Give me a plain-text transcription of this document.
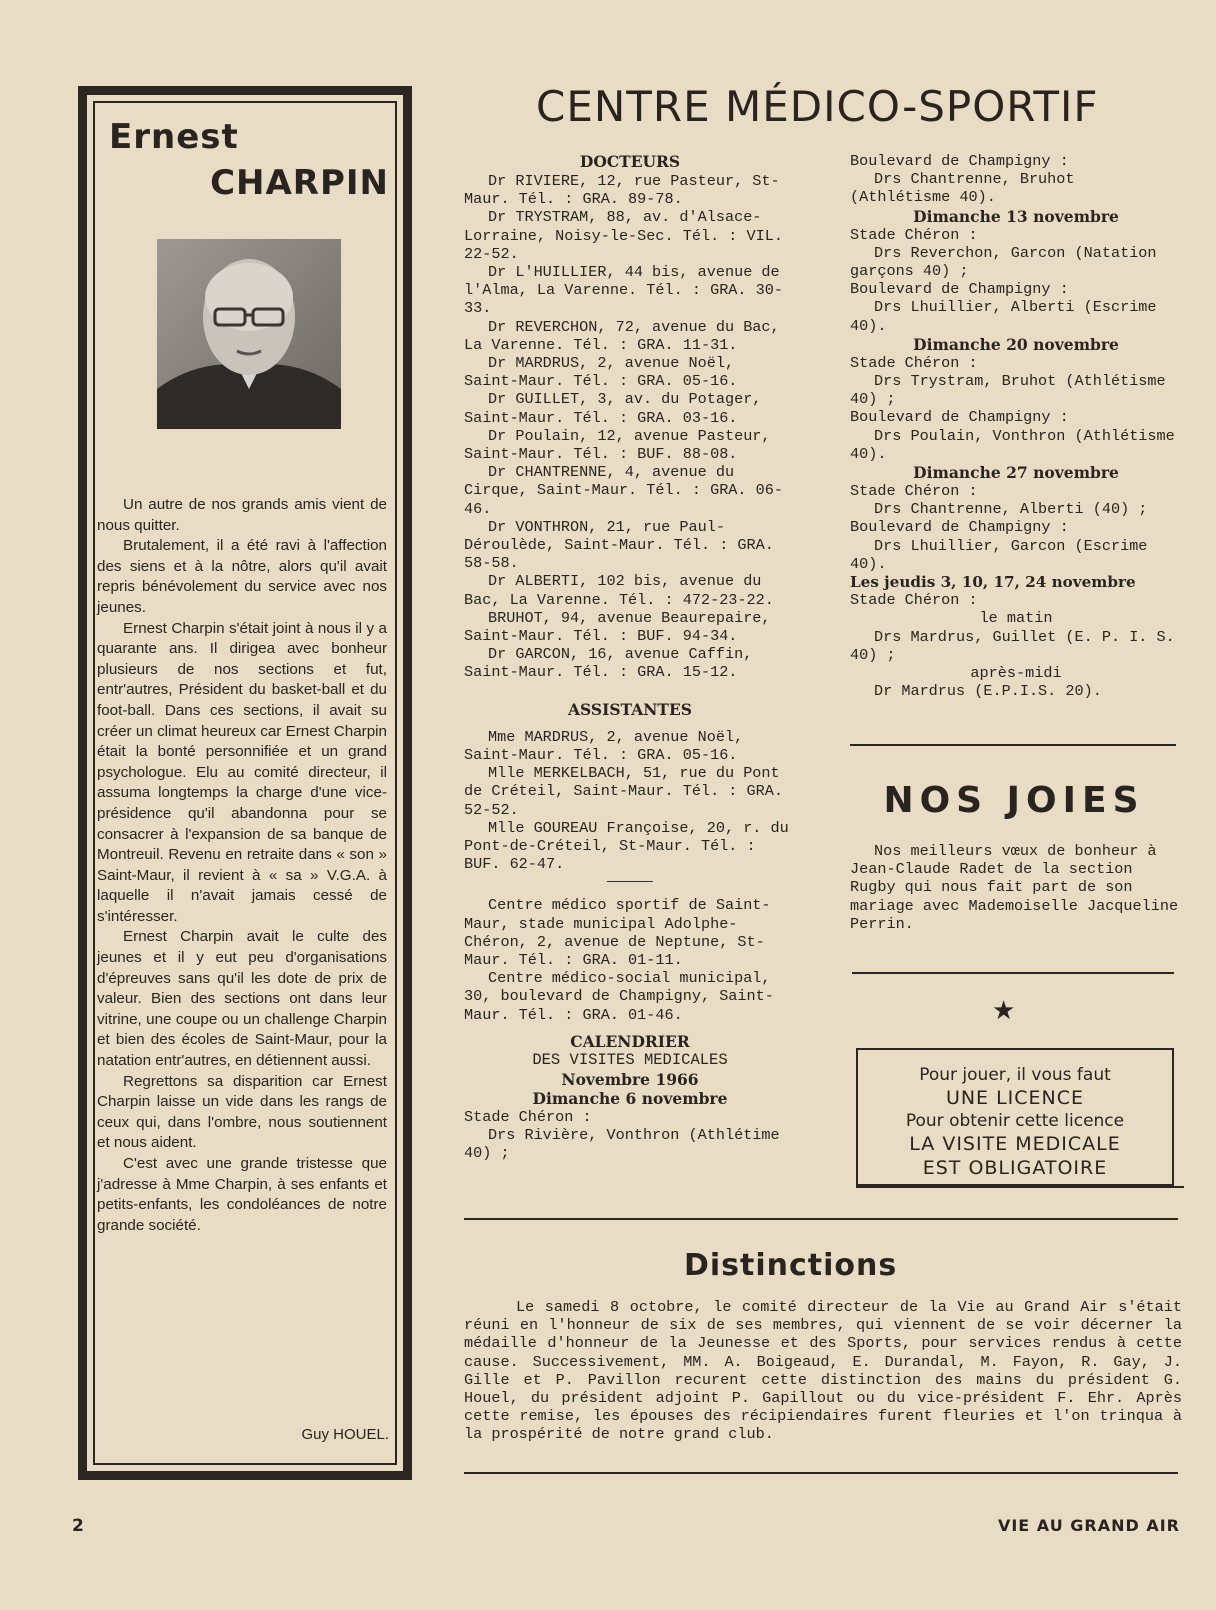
Ernest
CHARPIN

Un autre de nos grands amis vient de nous quitter.

Brutalement, il a été ravi à l'affection des siens et à la nôtre, alors qu'il avait repris bénévolement du service avec nos jeunes.

Ernest Charpin s'était joint à nous il y a quarante ans. Il dirigea avec bonheur plusieurs de nos sections et fut, entr'autres, Président du basket-ball et du foot-ball. Dans ces sections, il avait su créer un climat heureux car Ernest Charpin était la bonté personnifiée et un grand psychologue. Elu au comité directeur, il assuma longtemps la charge d'une vice-présidence qu'il abandonna pour se consacrer à l'expansion de sa banque de Montreuil. Revenu en retraite dans « son » Saint-Maur, il revient à « sa » V.G.A. à laquelle il n'avait jamais cessé de s'intéresser.

Ernest Charpin avait le culte des jeunes et il y eut peu d'organisations d'épreuves sans qu'il les dote de prix de valeur. Bien des sections ont dans leur vitrine, une coupe ou un challenge Charpin et bien des écoles de Saint-Maur, pour la natation entr'autres, en détiennent aussi.

Regrettons sa disparition car Ernest Charpin laisse un vide dans les rangs de ceux qui, dans l'ombre, nous soutiennent et nous aident.

C'est avec une grande tristesse que j'adresse à Mme Charpin, à ses enfants et petits-enfants, les condoléances de notre grande société.

Guy HOUEL.
CENTRE MÉDICO-SPORTIF

DOCTEURS

Dr RIVIERE, 12, rue Pasteur, St-Maur. Tél. : GRA. 89-78.

Dr TRYSTRAM, 88, av. d'Alsace-Lorraine, Noisy-le-Sec. Tél. : VIL. 22-52.

Dr L'HUILLIER, 44 bis, avenue de l'Alma, La Varenne. Tél. : GRA. 30-33.

Dr REVERCHON, 72, avenue du Bac, La Varenne. Tél. : GRA. 11-31.

Dr MARDRUS, 2, avenue Noël, Saint-Maur. Tél. : GRA. 05-16.

Dr GUILLET, 3, av. du Potager, Saint-Maur. Tél. : GRA. 03-16.

Dr Poulain, 12, avenue Pasteur, Saint-Maur. Tél. : BUF. 88-08.

Dr CHANTRENNE, 4, avenue du Cirque, Saint-Maur. Tél. : GRA. 06-46.

Dr VONTHRON, 21, rue Paul-Déroulède, Saint-Maur. Tél. : GRA. 58-58.

Dr ALBERTI, 102 bis, avenue du Bac, La Varenne. Tél. : 472-23-22.

BRUHOT, 94, avenue Beaurepaire, Saint-Maur. Tél. : BUF. 94-34.

Dr GARCON, 16, avenue Caffin, Saint-Maur. Tél. : GRA. 15-12.

ASSISTANTES

Mme MARDRUS, 2, avenue Noël, Saint-Maur. Tél. : GRA. 05-16.

Mlle MERKELBACH, 51, rue du Pont de Créteil, Saint-Maur. Tél. : GRA. 52-52.

Mlle GOUREAU Françoise, 20, r. du Pont-de-Créteil, St-Maur. Tél. : BUF. 62-47.

Centre médico sportif de Saint-Maur, stade municipal Adolphe-Chéron, 2, avenue de Neptune, St-Maur. Tél. : GRA. 01-11.

Centre médico-social municipal, 30, boulevard de Champigny, Saint-Maur. Tél. : GRA. 01-46.

CALENDRIER

DES VISITES MEDICALES

Novembre 1966

Dimanche 6 novembre

Stade Chéron :

Drs Rivière, Vonthron (Athlétime 40) ;

Boulevard de Champigny :

Drs Chantrenne, Bruhot (Athlétisme 40).

Dimanche 13 novembre

Stade Chéron :

Drs Reverchon, Garcon (Natation garçons 40) ;

Boulevard de Champigny :

Drs Lhuillier, Alberti (Escrime 40).

Dimanche 20 novembre

Stade Chéron :

Drs Trystram, Bruhot (Athlétisme 40) ;

Boulevard de Champigny :

Drs Poulain, Vonthron (Athlétisme 40).

Dimanche 27 novembre

Stade Chéron :

Drs Chantrenne, Alberti (40) ;

Boulevard de Champigny :

Drs Lhuillier, Garcon (Escrime 40).

Les jeudis 3, 10, 17, 24 novembre

Stade Chéron :

le matin

Drs Mardrus, Guillet (E. P. I. S. 40) ;

après-midi

Dr Mardrus (E.P.I.S. 20).

NOS JOIES
Nos meilleurs vœux de bonheur à Jean-Claude Radet de la section Rugby qui nous fait part de son mariage avec Mademoiselle Jacqueline Perrin.
★
Pour jouer, il vous faut
UNE LICENCE
Pour obtenir cette licence
LA VISITE MEDICALE
EST OBLIGATOIRE
Distinctions
Le samedi 8 octobre, le comité directeur de la Vie au Grand Air s'était réuni en l'honneur de six de ses membres, qui viennent de se voir décerner la médaille d'honneur de la Jeunesse et des Sports, pour services rendus à cette cause. Successivement, MM. A. Boigeaud, E. Durandal, M. Fayon, R. Gay, J. Gille et P. Pavillon recurent cette distinction des mains du président G. Houel, du président adjoint P. Gapillout ou du vice-président F. Ehr. Après cette remise, les épouses des récipiendaires furent fleuries et l'on trinqua à la prospérité de notre grand club.
2	VIE AU GRAND AIR
